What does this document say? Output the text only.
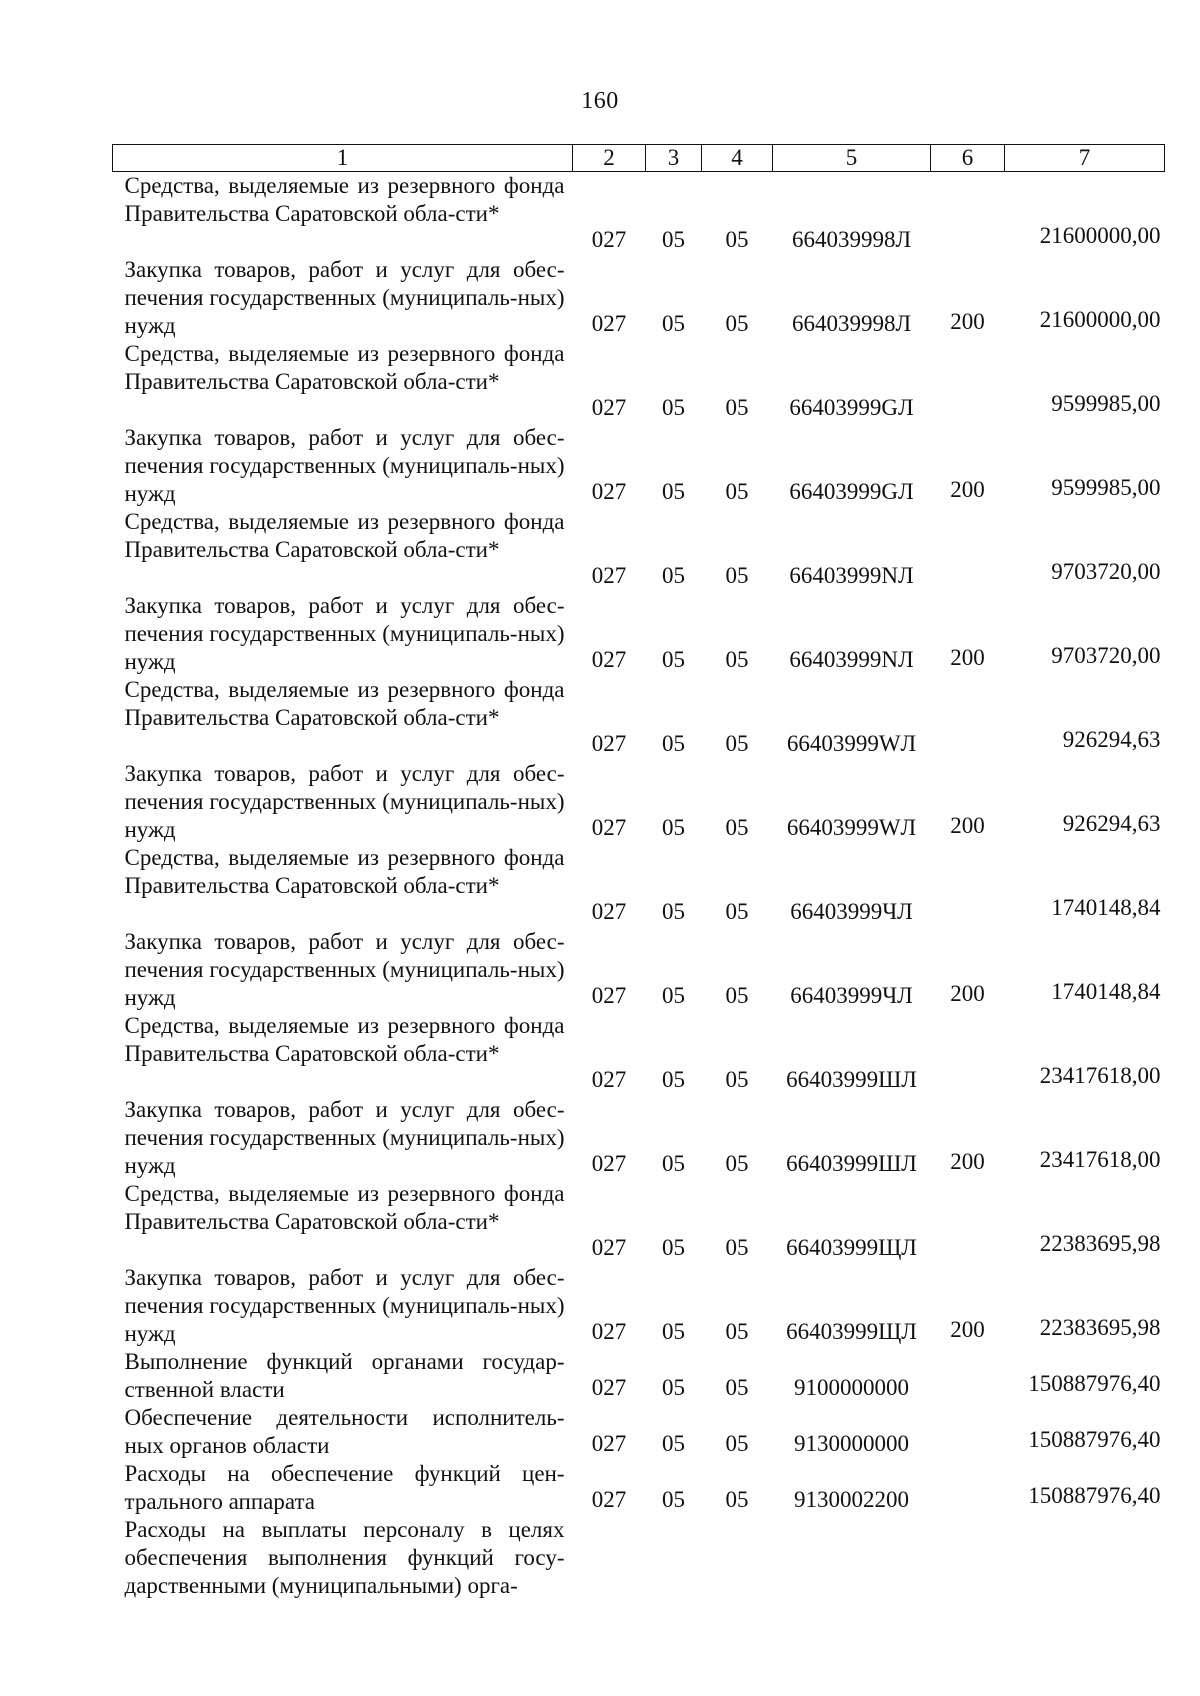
160
1	2	3	4	5	6	7
Средства, выделяемые из резервного фонда Правительства Саратовской обла-сти*	027	05	05	664039998Л		21600000,00
Закупка товаров, работ и услуг для обес-печения государственных (муниципаль-ных) нужд	027	05	05	664039998Л	200	21600000,00
Средства, выделяемые из резервного фонда Правительства Саратовской обла-сти*	027	05	05	66403999GЛ		9599985,00
Закупка товаров, работ и услуг для обес-печения государственных (муниципаль-ных) нужд	027	05	05	66403999GЛ	200	9599985,00
Средства, выделяемые из резервного фонда Правительства Саратовской обла-сти*	027	05	05	66403999NЛ		9703720,00
Закупка товаров, работ и услуг для обес-печения государственных (муниципаль-ных) нужд	027	05	05	66403999NЛ	200	9703720,00
Средства, выделяемые из резервного фонда Правительства Саратовской обла-сти*	027	05	05	66403999WЛ		926294,63
Закупка товаров, работ и услуг для обес-печения государственных (муниципаль-ных) нужд	027	05	05	66403999WЛ	200	926294,63
Средства, выделяемые из резервного фонда Правительства Саратовской обла-сти*	027	05	05	66403999ЧЛ		1740148,84
Закупка товаров, работ и услуг для обес-печения государственных (муниципаль-ных) нужд	027	05	05	66403999ЧЛ	200	1740148,84
Средства, выделяемые из резервного фонда Правительства Саратовской обла-сти*	027	05	05	66403999ШЛ		23417618,00
Закупка товаров, работ и услуг для обес-печения государственных (муниципаль-ных) нужд	027	05	05	66403999ШЛ	200	23417618,00
Средства, выделяемые из резервного фонда Правительства Саратовской обла-сти*	027	05	05	66403999ЩЛ		22383695,98
Закупка товаров, работ и услуг для обес-печения государственных (муниципаль-ных) нужд	027	05	05	66403999ЩЛ	200	22383695,98
Выполнение функций органами государ-ственной власти	027	05	05	9100000000		150887976,40
Обеспечение деятельности исполнитель-ных органов области	027	05	05	9130000000		150887976,40
Расходы на обеспечение функций цен-трального аппарата	027	05	05	9130002200		150887976,40
Расходы на выплаты персоналу в целях обеспечения выполнения функций госу-дарственными (муниципальными) орга-						
